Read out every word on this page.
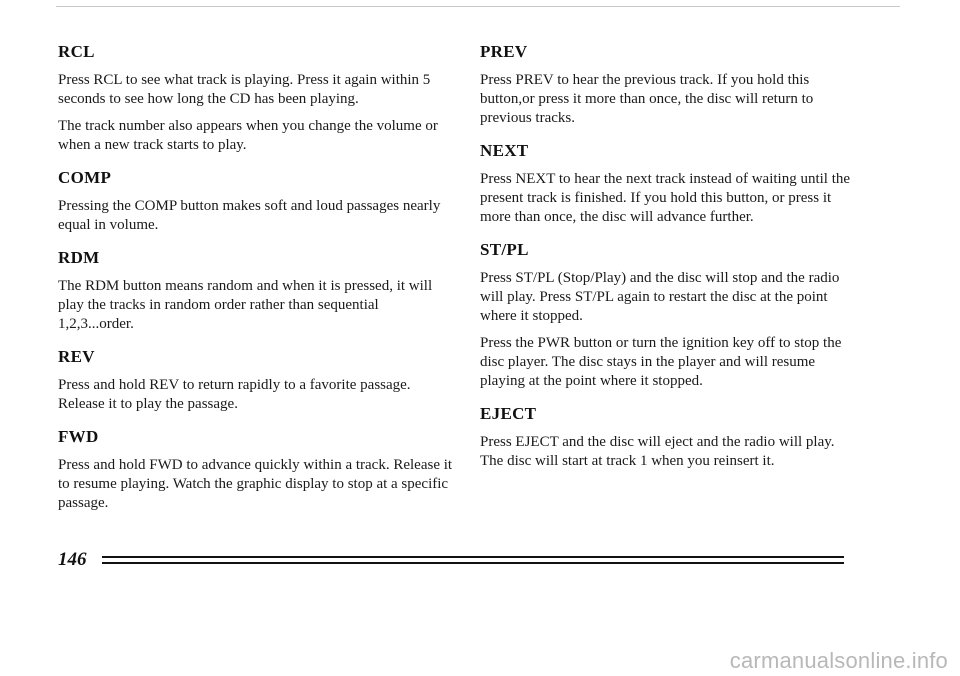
RCL

Press RCL to see what track is playing. Press it again within 5 seconds to see how long the CD has been playing.

The track number also appears when you change the volume or when a new track starts to play.

COMP

Pressing the COMP button makes soft and loud passages nearly equal in volume.

RDM

The RDM button means random and when it is pressed, it will play the tracks in random order rather than sequential 1,2,3...order.

REV

Press and hold REV to return rapidly to a favorite passage. Release it to play the passage.

FWD

Press and hold FWD to advance quickly within a track. Release it to resume playing. Watch the graphic display to stop at a specific passage.

PREV

Press PREV to hear the previous track. If you hold this button,or press it more than once, the disc will return to previous tracks.

NEXT

Press NEXT to hear the next track instead of waiting until the present track is finished. If you hold this button, or press it more than once, the disc will advance further.

ST/PL

Press ST/PL (Stop/Play) and the disc will stop and the radio will play. Press ST/PL again to restart the disc at the point where it stopped.

Press the PWR button or turn the ignition key off to stop the disc player. The disc stays in the player and will resume playing at the point where it stopped.

EJECT

Press EJECT and the disc will eject and the radio will play. The disc will start at track 1 when you reinsert it.

146
carmanualsonline.info
